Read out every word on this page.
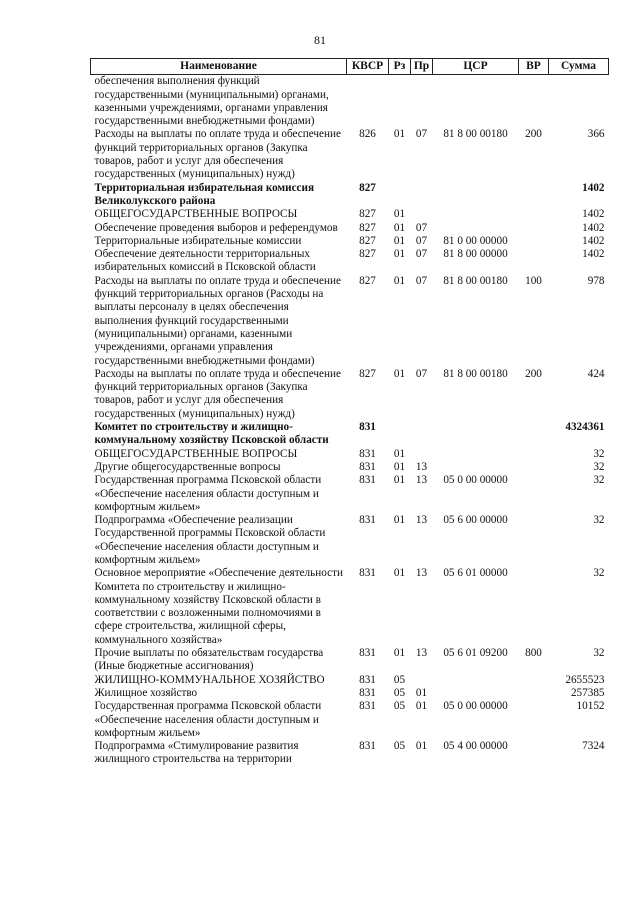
81
Наименование	КВСР	Рз	Пр	ЦСР	ВР	Сумма
обеспечения выполнения функций государственными (муниципальными) органами, казенными учреждениями, органами управления государственными внебюджетными фондами)						
Расходы на выплаты по оплате труда и обеспечение функций территориальных органов (Закупка товаров, работ и услуг для обеспечения государственных (муниципальных) нужд)	826	01	07	81 8 00 00180	200	366
Территориальная избирательная комиссия Великолукского района	827					1402
ОБЩЕГОСУДАРСТВЕННЫЕ ВОПРОСЫ	827	01				1402
Обеспечение проведения выборов и референдумов	827	01	07			1402
Территориальные избирательные комиссии	827	01	07	81 0 00 00000		1402
Обеспечение деятельности территориальных избирательных комиссий в Псковской области	827	01	07	81 8 00 00000		1402
Расходы на выплаты по оплате труда и обеспечение функций территориальных органов (Расходы на выплаты персоналу в целях обеспечения выполнения функций государственными (муниципальными) органами, казенными учреждениями, органами управления государственными внебюджетными фондами)	827	01	07	81 8 00 00180	100	978
Расходы на выплаты по оплате труда и обеспечение функций территориальных органов (Закупка товаров, работ и услуг для обеспечения государственных (муниципальных) нужд)	827	01	07	81 8 00 00180	200	424
Комитет по строительству и жилищно-коммунальному хозяйству Псковской области	831					4324361
ОБЩЕГОСУДАРСТВЕННЫЕ ВОПРОСЫ	831	01				32
Другие общегосударственные вопросы	831	01	13			32
Государственная программа Псковской области «Обеспечение населения области доступным и комфортным жильем»	831	01	13	05 0 00 00000		32
Подпрограмма «Обеспечение реализации Государственной программы Псковской области «Обеспечение населения области доступным и комфортным жильем»	831	01	13	05 6 00 00000		32
Основное мероприятие «Обеспечение деятельности Комитета по строительству и жилищно-коммунальному хозяйству Псковской области в соответствии с возложенными полномочиями в сфере строительства, жилищной сферы, коммунального хозяйства»	831	01	13	05 6 01 00000		32
Прочие выплаты по обязательствам государства (Иные бюджетные ассигнования)	831	01	13	05 6 01 09200	800	32
ЖИЛИЩНО-КОММУНАЛЬНОЕ ХОЗЯЙСТВО	831	05				2655523
Жилищное хозяйство	831	05	01			257385
Государственная программа Псковской области «Обеспечение населения области доступным и комфортным жильем»	831	05	01	05 0 00 00000		10152
Подпрограмма «Стимулирование развития жилищного строительства на территории	831	05	01	05 4 00 00000		7324
